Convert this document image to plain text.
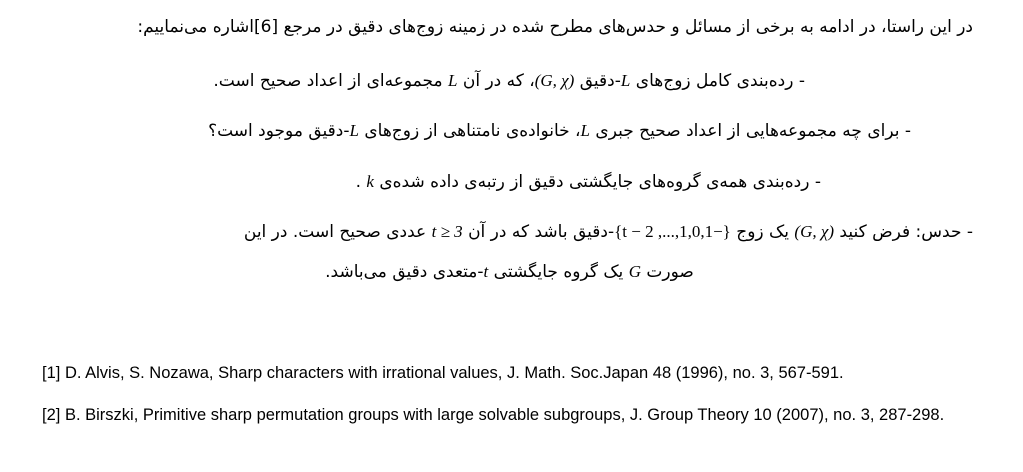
در این راستا، در ادامه به برخی از مسائل و حدس‌های مطرح شده در زمینه زوج‌های دقیق در مرجع [6]اشاره می‌نماییم:

- رده‌بندی کامل زوج‌های L-دقیق (G, χ)، که در آن L مجموعه‌ای از اعداد صحیح است.

- برای چه مجموعه‌هایی از اعداد صحیح جبری L، خانواده‌ی نامتناهی از زوج‌های L-دقیق موجود است؟

- رده‌بندی همه‌ی گروه‌های جایگشتی دقیق از رتبه‌ی داده شده‌ی k .

- حدس: فرض کنید (G, χ) یک زوج {−1,0,1,..., t − 2}-دقیق باشد که در آن t ≥ 3 عددی صحیح است. در این

صورت G یک گروه جایگشتی t-متعدی دقیق می‌باشد.

[1] D. Alvis, S. Nozawa, Sharp characters with irrational values, J. Math. Soc.Japan 48 (1996), no. 3, 567-591.

[2] B. Birszki, Primitive sharp permutation groups with large solvable subgroups, J. Group Theory 10 (2007), no. 3, 287-298.
